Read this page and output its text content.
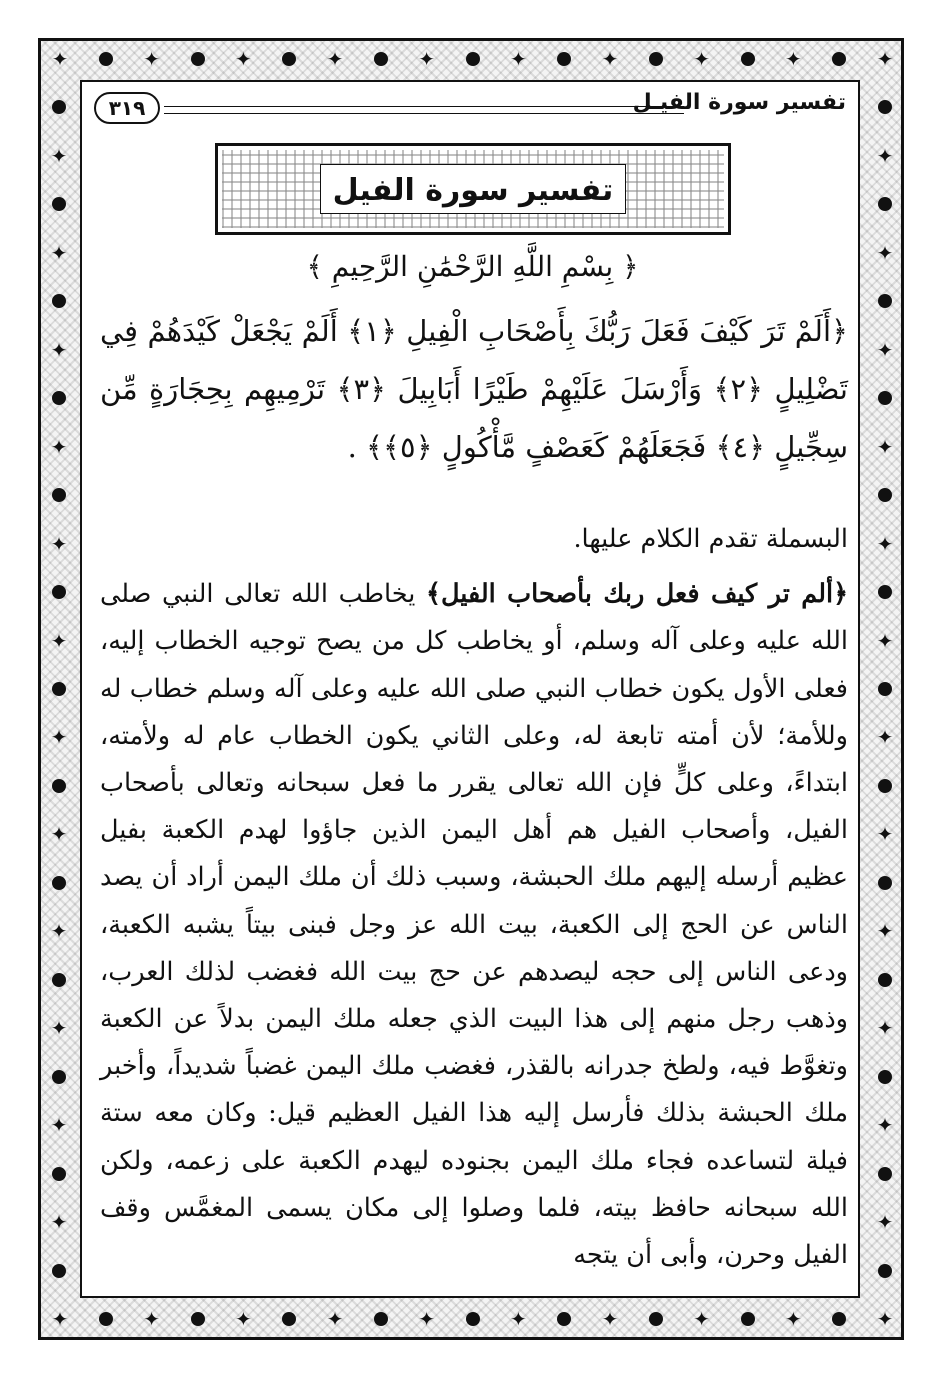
✦
✦
✦
✦
✦
✦
✦
✦
✦
✦
✦
✦
✦
✦
✦
✦
✦
✦
✦
✦
✦	✦
✦	✦
✦	✦
✦	✦
✦	✦
✦	✦
✦	✦
✦	✦
✦	✦
✦	✦
✦	✦
✦	✦
٣١٩	تفسير سورة الفيـل
تفسير سورة الفيل
﴿ بِسْمِ اللَّهِ الرَّحْمَٰنِ الرَّحِيمِ ﴾
﴿أَلَمْ تَرَ كَيْفَ فَعَلَ رَبُّكَ بِأَصْحَابِ الْفِيلِ ﴿١﴾ أَلَمْ يَجْعَلْ كَيْدَهُمْ فِي تَضْلِيلٍ ﴿٢﴾ وَأَرْسَلَ عَلَيْهِمْ طَيْرًا أَبَابِيلَ ﴿٣﴾ تَرْمِيهِم بِحِجَارَةٍ مِّن سِجِّيلٍ ﴿٤﴾ فَجَعَلَهُمْ كَعَصْفٍ مَّأْكُولٍ ﴿٥﴾﴾ .

البسملة تقدم الكلام عليها.

﴿ألم تر كيف فعل ربك بأصحاب الفيل﴾ يخاطب الله تعالى النبي صلى الله عليه وعلى آله وسلم، أو يخاطب كل من يصح توجيه الخطاب إليه، فعلى الأول يكون خطاب النبي صلى الله عليه وعلى آله وسلم خطاب له وللأمة؛ لأن أمته تابعة له، وعلى الثاني يكون الخطاب عام له ولأمته، ابتداءً، وعلى كلٍّ فإن الله تعالى يقرر ما فعل سبحانه وتعالى بأصحاب الفيل، وأصحاب الفيل هم أهل اليمن الذين جاؤوا لهدم الكعبة بفيل عظيم أرسله إليهم ملك الحبشة، وسبب ذلك أن ملك اليمن أراد أن يصد الناس عن الحج إلى الكعبة، بيت الله عز وجل فبنى بيتاً يشبه الكعبة، ودعى الناس إلى حجه ليصدهم عن حج بيت الله فغضب لذلك العرب، وذهب رجل منهم إلى هذا البيت الذي جعله ملك اليمن بدلاً عن الكعبة وتغوَّط فيه، ولطخ جدرانه بالقذر، فغضب ملك اليمن غضباً شديداً، وأخبر ملك الحبشة بذلك فأرسل إليه هذا الفيل العظيم قيل: وكان معه ستة فيلة لتساعده فجاء ملك اليمن بجنوده ليهدم الكعبة على زعمه، ولكن الله سبحانه حافظ بيته، فلما وصلوا إلى مكان يسمى المغمَّس وقف الفيل وحرن، وأبى أن يتجه
